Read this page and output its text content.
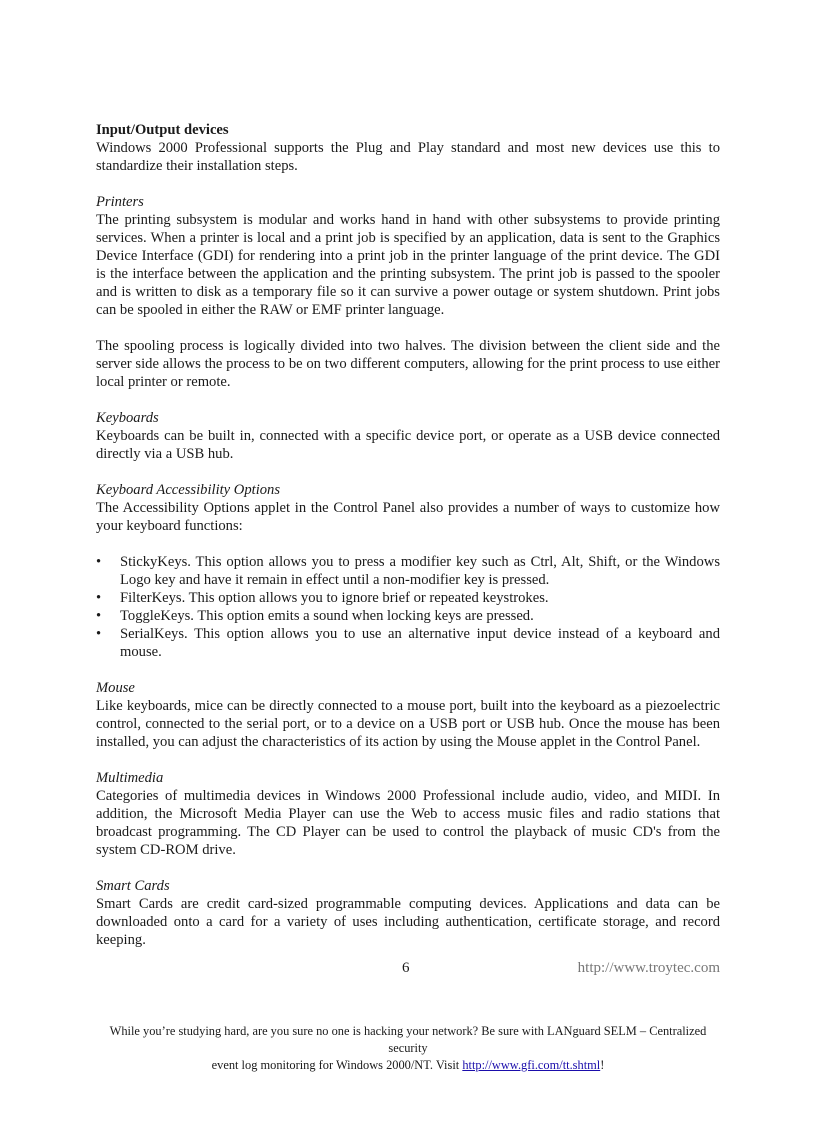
Input/Output devices

Windows 2000 Professional supports the Plug and Play standard and most new devices use this to standardize their installation steps.

Printers

The printing subsystem is modular and works hand in hand with other subsystems to provide printing services. When a printer is local and a print job is specified by an application, data is sent to the Graphics Device Interface (GDI) for rendering into a print job in the printer language of the print device. The GDI is the interface between the application and the printing subsystem. The print job is passed to the spooler and is written to disk as a temporary file so it can survive a power outage or system shutdown. Print jobs can be spooled in either the RAW or EMF printer language.

The spooling process is logically divided into two halves. The division between the client side and the server side allows the process to be on two different computers, allowing for the print process to use either local printer or remote.

Keyboards

Keyboards can be built in, connected with a specific device port, or operate as a USB device connected directly via a USB hub.

Keyboard Accessibility Options

The Accessibility Options applet in the Control Panel also provides a number of ways to customize how your keyboard functions:

• StickyKeys. This option allows you to press a modifier key such as Ctrl, Alt, Shift, or the Windows Logo key and have it remain in effect until a non-modifier key is pressed.
• FilterKeys. This option allows you to ignore brief or repeated keystrokes.
• ToggleKeys. This option emits a sound when locking keys are pressed.
• SerialKeys. This option allows you to use an alternative input device instead of a keyboard and mouse.

Mouse

Like keyboards, mice can be directly connected to a mouse port, built into the keyboard as a piezoelectric control, connected to the serial port, or to a device on a USB port or USB hub. Once the mouse has been installed, you can adjust the characteristics of its action by using the Mouse applet in the Control Panel.

Multimedia

Categories of multimedia devices in Windows 2000 Professional include audio, video, and MIDI. In addition, the Microsoft Media Player can use the Web to access music files and radio stations that broadcast programming. The CD Player can be used to control the playback of music CD's from the system CD-ROM drive.

Smart Cards

Smart Cards are credit card-sized programmable computing devices. Applications and data can be downloaded onto a card for a variety of uses including authentication, certificate storage, and record keeping.

6	http://www.troytec.com
While you’re studying hard, are you sure no one is hacking your network? Be sure with LANguard SELM – Centralized security
event log monitoring for Windows 2000/NT. Visit http://www.gfi.com/tt.shtml!
